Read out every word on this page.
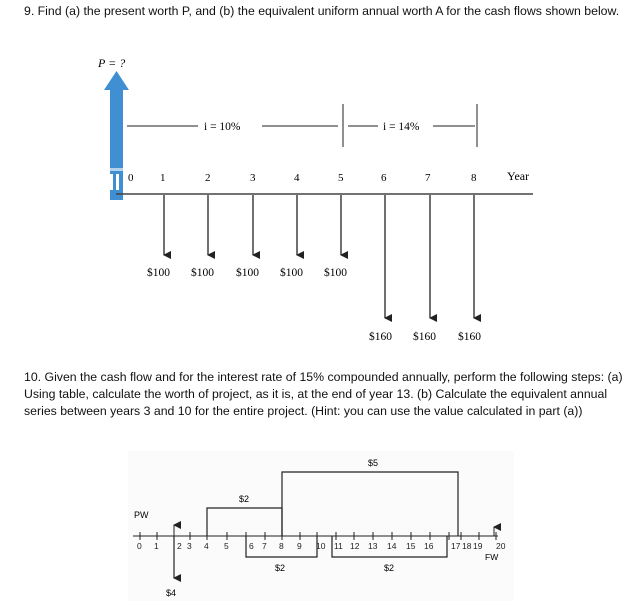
9. Find (a) the present worth P, and (b) the equivalent uniform annual worth A for the cash flows shown below.

P = ?
i = 10%	i = 14%
0 1	2	3	4	5	6	7	8	Year
$100 $100 $100 $100 $100
$160 $160 $160
PW
0 1 2 3 4 5 6 7 8 9 10 11 12 13 14 15 16 17 18 19 20
FW
$4
$2
$5
$2	$2

10. Given the cash flow and for the interest rate of 15% compounded annually, perform the following steps: (a) Using table, calculate the worth of project, as it is, at the end of year 13. (b) Calculate the equivalent annual series between years 3 and 10 for the entire project. (Hint: you can use the value calculated in part (a))
